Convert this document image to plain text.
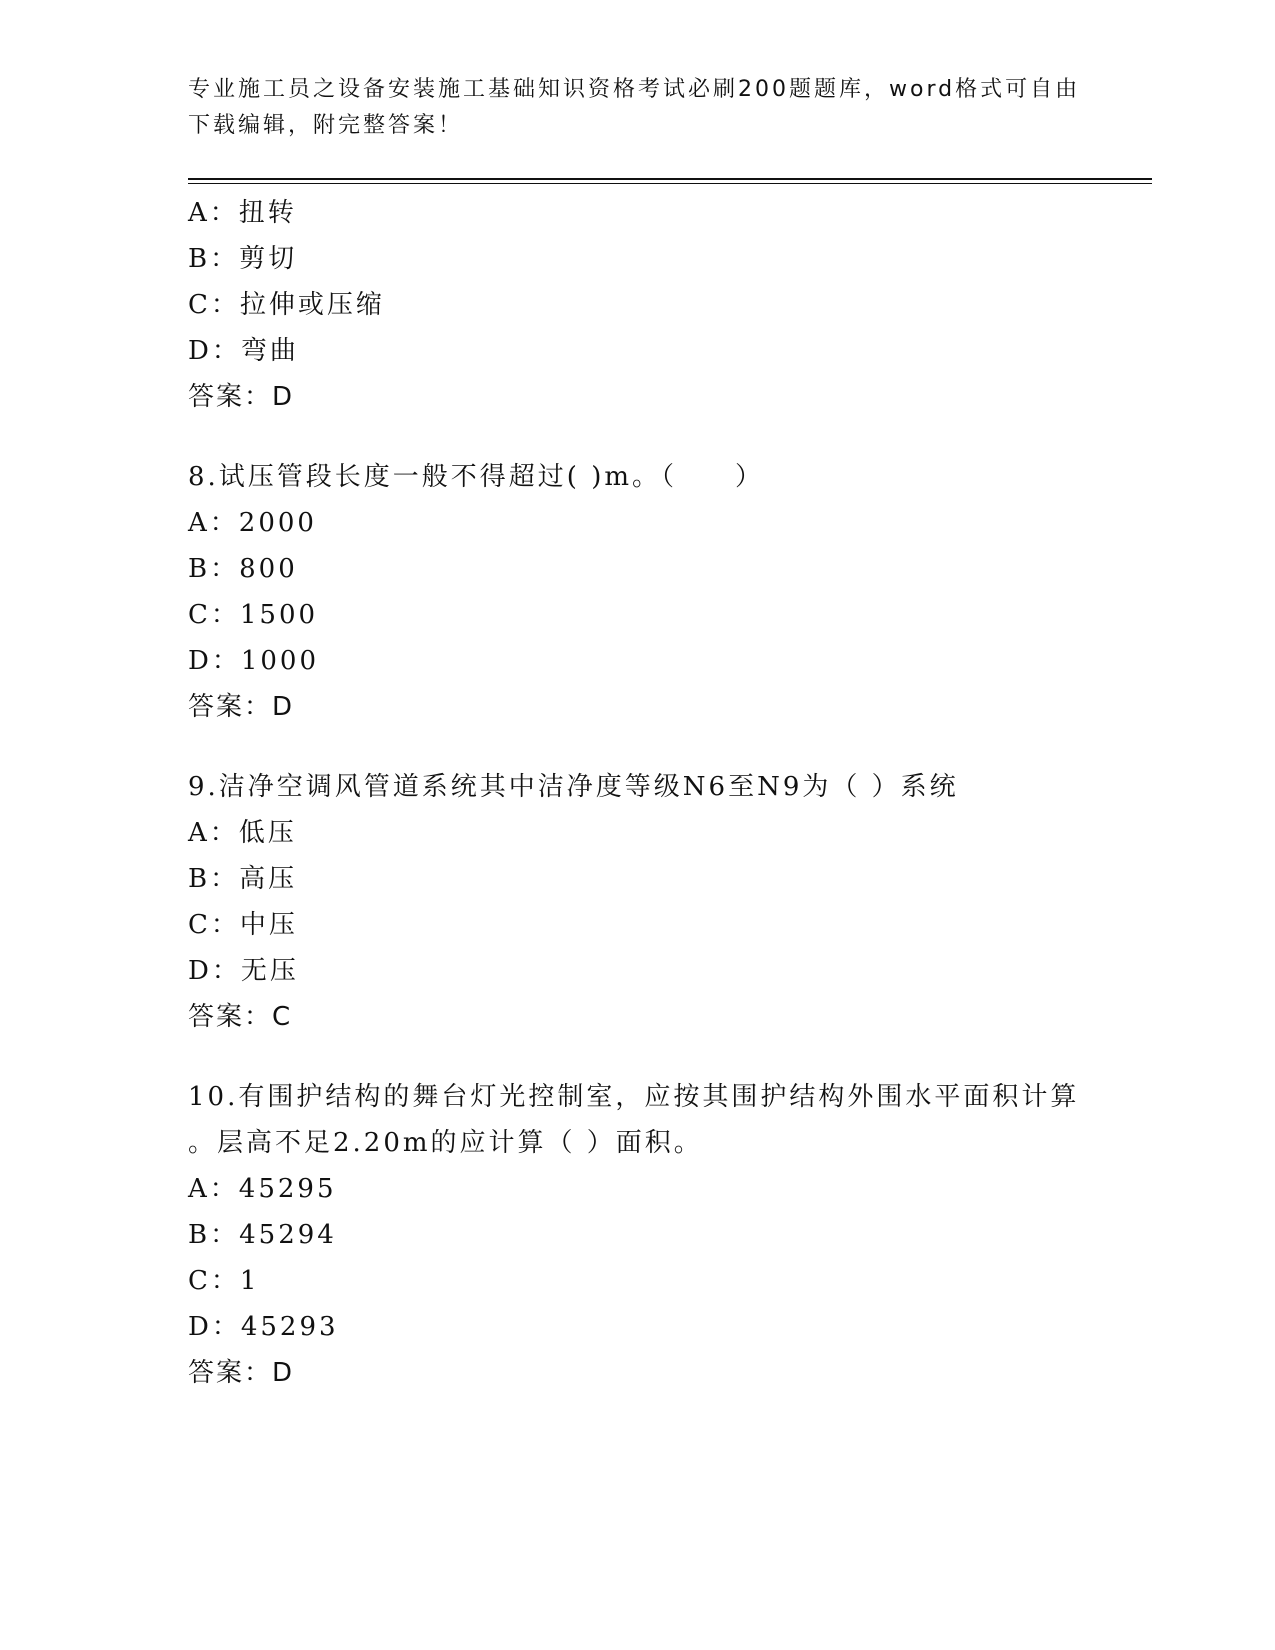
专业施工员之设备安装施工基础知识资格考试必刷200题题库，word格式可自由
下载编辑，附完整答案！
A：扭转
B：剪切
C：拉伸或压缩
D：弯曲
答案：D
8.试压管段长度一般不得超过( )m。（　　）
A：2000
B：800
C：1500
D：1000
答案：D
9.洁净空调风管道系统其中洁净度等级N6至N9为（ ）系统
A：低压
B：高压
C：中压
D：无压
答案：C
10.有围护结构的舞台灯光控制室，应按其围护结构外围水平面积计算
。层高不足2.20m的应计算（ ）面积。
A：45295
B：45294
C：1
D：45293
答案：D
